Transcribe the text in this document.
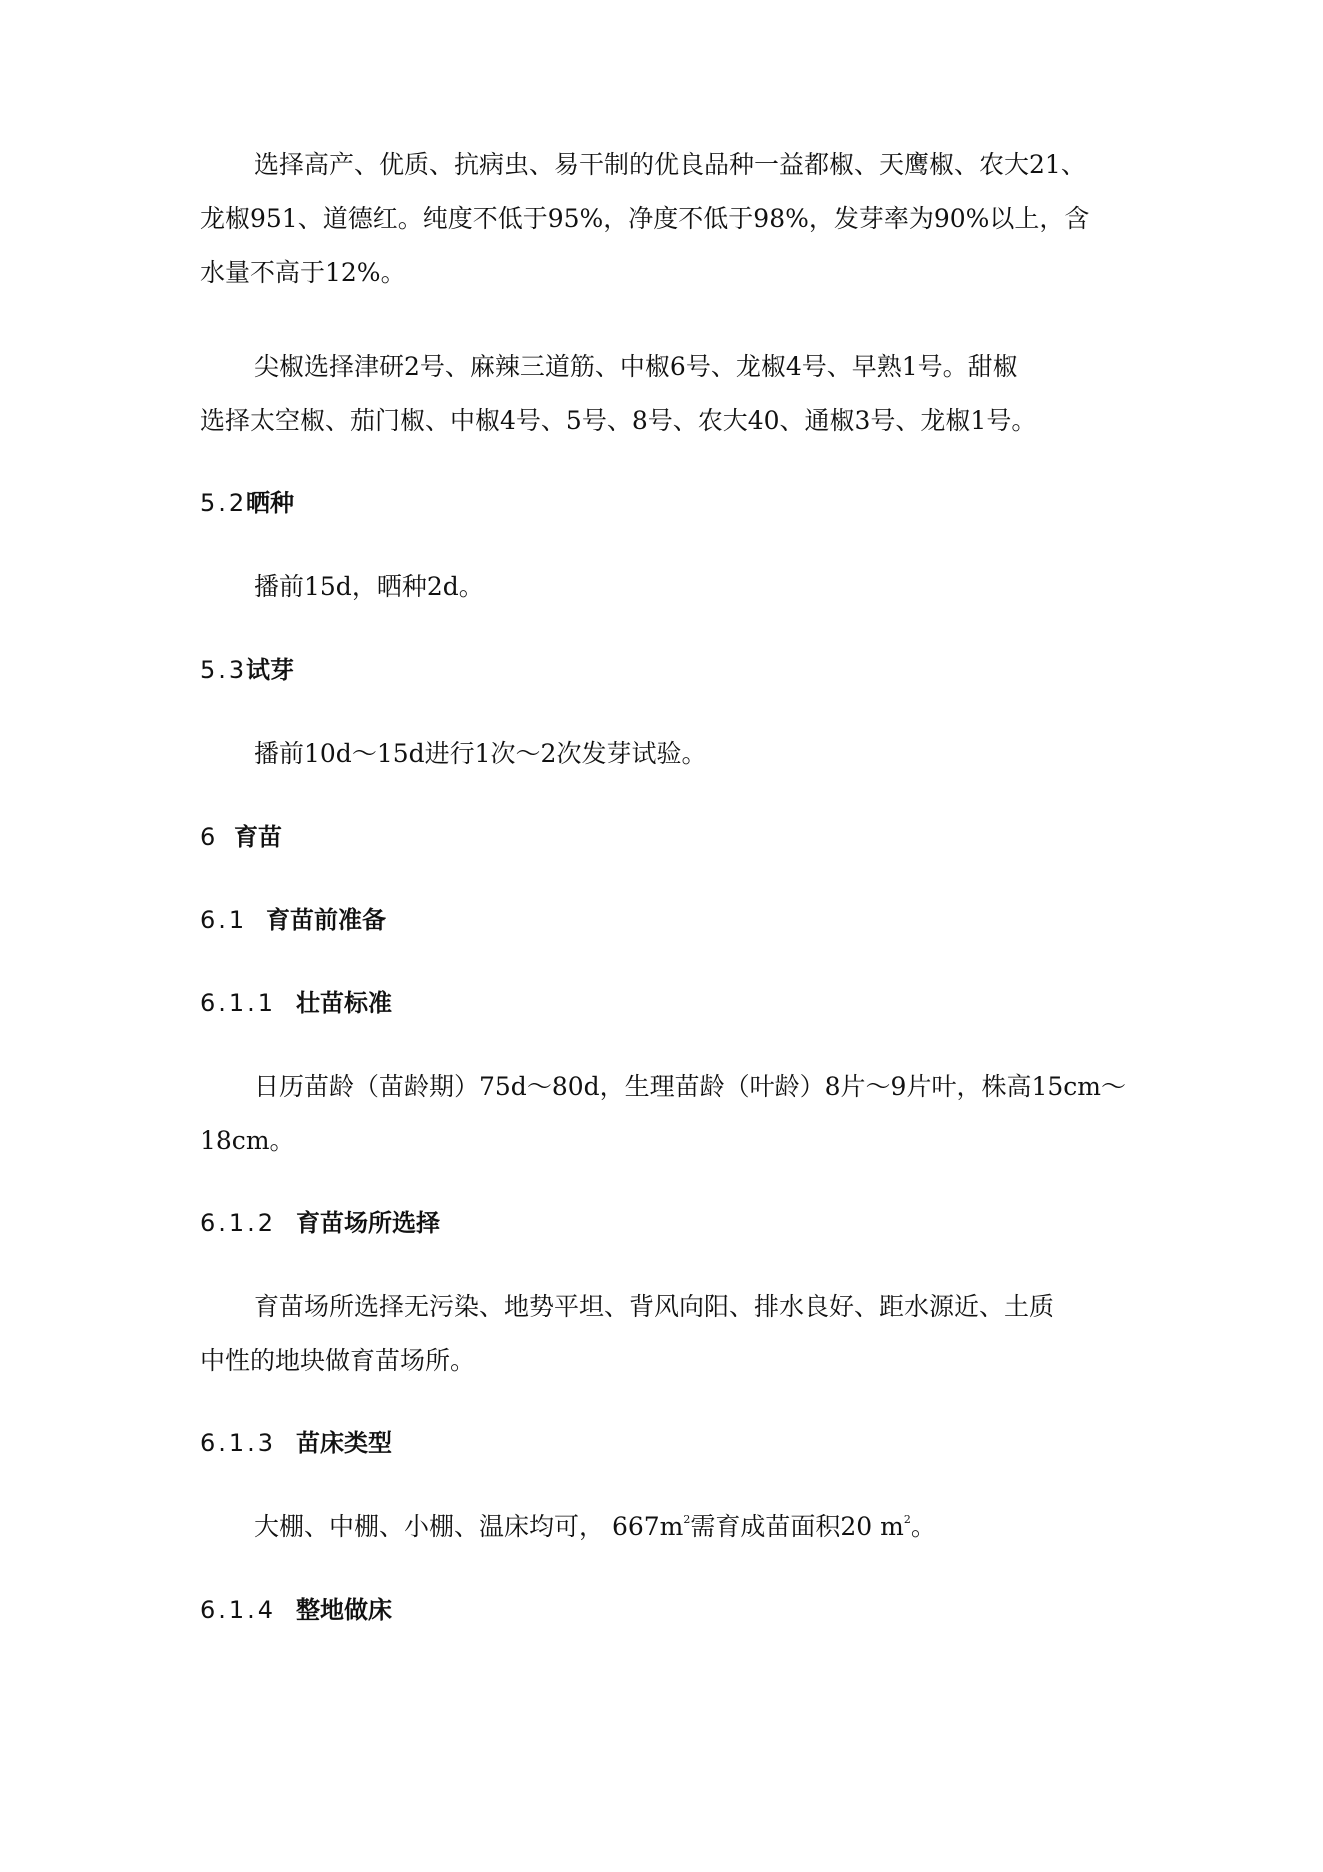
选择高产、优质、抗病虫、易干制的优良品种一益都椒、天鹰椒、农大21、
龙椒951、道德红。纯度不低于95%，净度不低于98%，发芽率为90%以上，含
水量不高于12%。

尖椒选择津研2号、麻辣三道筋、中椒6号、龙椒4号、早熟1号。甜椒
选择太空椒、茄门椒、中椒4号、5号、8号、农大40、通椒3号、龙椒1号。

5.2晒种

播前15d，晒种2d。

5.3试芽

播前10d～15d进行1次～2次发芽试验。

6 育苗
6.1 育苗前准备
6.1.1 壮苗标准

日历苗龄（苗龄期）75d～80d，生理苗龄（叶龄）8片～9片叶，株高15cm～
18cm。

6.1.2 育苗场所选择

育苗场所选择无污染、地势平坦、背风向阳、排水良好、距水源近、土质
中性的地块做育苗场所。

6.1.3 苗床类型

大棚、中棚、小棚、温床均可， $667m^2$需育成苗面积20 $m^2$。

6.1.4 整地做床
